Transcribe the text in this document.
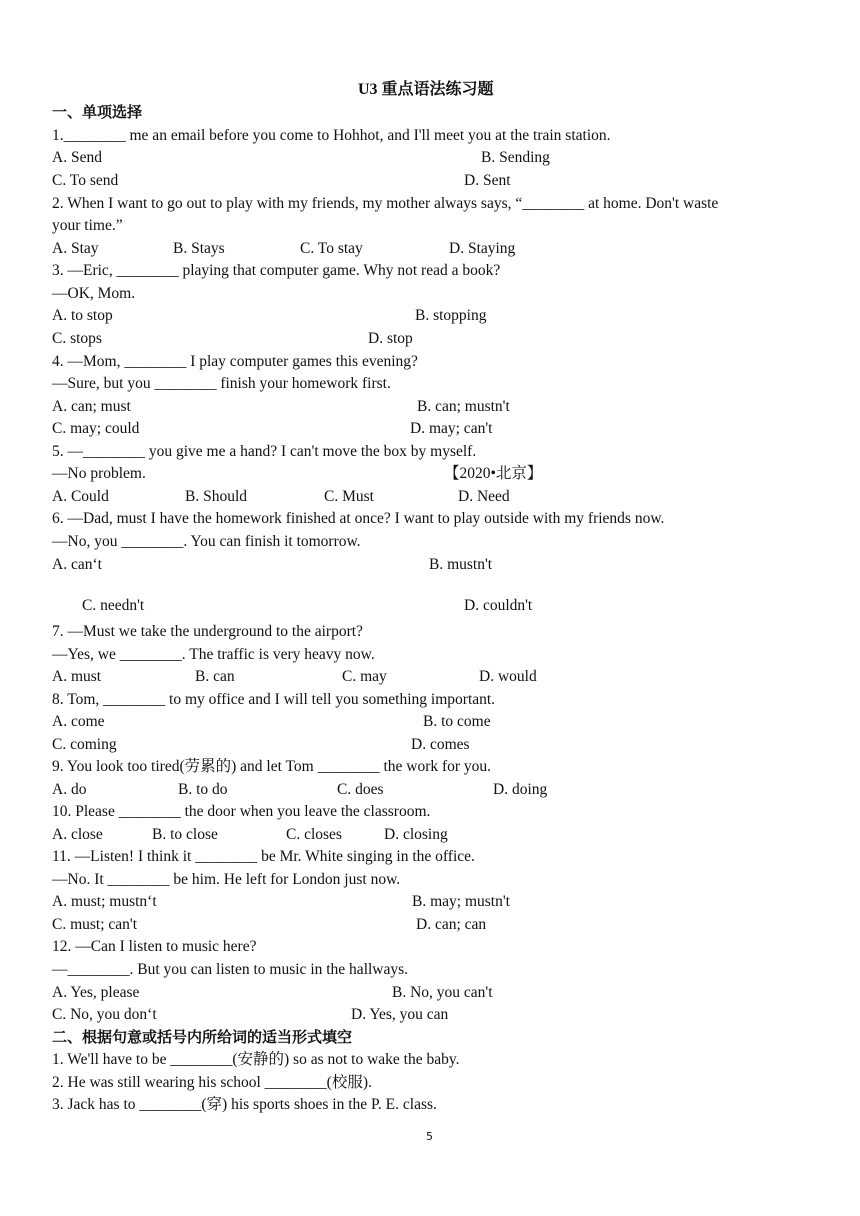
U3 重点语法练习题
一、单项选择
1.________ me an email before you come to Hohhot, and I'll meet you at the train station.
A. Send	B. Sending
C. To send	D. Sent
2. When I want to go out to play with my friends, my mother always says, “________ at home. Don't waste
your time.”
A. Stay	B. Stays	C. To stay	D. Staying
3. —Eric, ________ playing that computer game. Why not read a book?
—OK, Mom.
A. to stop	B. stopping
C. stops	D. stop
4. —Mom, ________ I play computer games this evening?
—Sure, but you ________ finish your homework first.
A. can; must	B. can; mustn't
C. may; could	D. may; can't
5. —________ you give me a hand? I can't move the box by myself.
—No problem.	【2020•北京】
A. Could	B. Should	C. Must	D. Need
6. —Dad, must I have the homework finished at once? I want to play outside with my friends now.
—No, you ________. You can finish it tomorrow.
A. can‘t	B. mustn't
C. needn't	D. couldn't
7. —Must we take the underground to the airport?
—Yes, we ________. The traffic is very heavy now.
A. must	B. can	C. may	D. would
8. Tom, ________ to my office and I will tell you something important.
A. come	B. to come
C. coming	D. comes
9. You look too tired(劳累的) and let Tom ________ the work for you.
A. do	B. to do	C. does	D. doing
10. Please ________ the door when you leave the classroom.
A. close	B. to close	C. closes	D. closing
11. —Listen! I think it ________ be Mr. White singing in the office.
—No. It ________ be him. He left for London just now.
A. must; mustn‘t	B. may; mustn't
C. must; can't	D. can; can
12. —Can I listen to music here?
—________. But you can listen to music in the hallways.
A. Yes, please	B. No, you can't
C. No, you don‘t	D. Yes, you can
二、根据句意或括号内所给词的适当形式填空
1. We'll have to be ________(安静的) so as not to wake the baby.
2. He was still wearing his school ________(校服).
3. Jack has to ________(穿) his sports shoes in the P. E. class.
5
